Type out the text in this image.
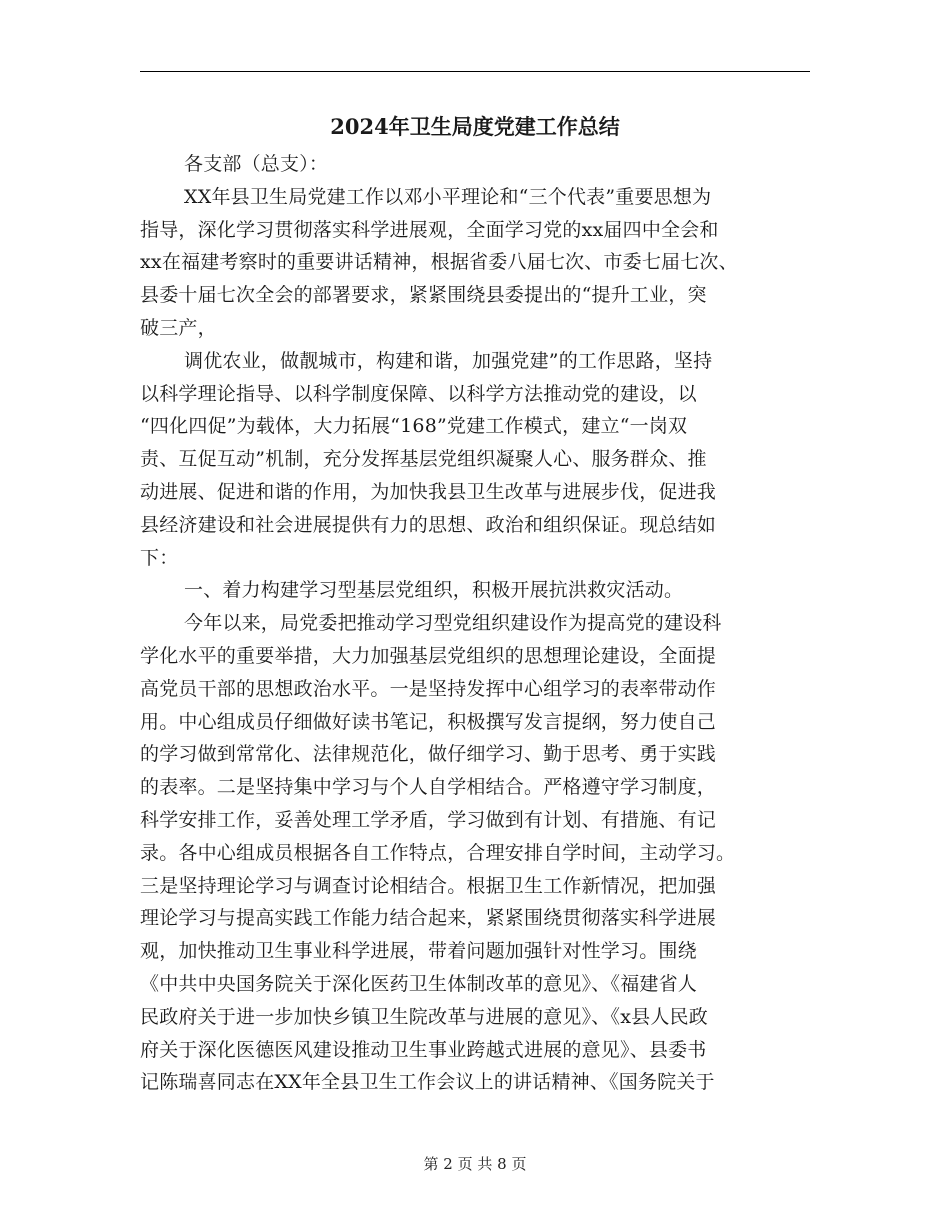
2024年卫生局度党建工作总结
各支部（总支）：
XX年县卫生局党建工作以邓小平理论和“三个代表”重要思想为
指导，深化学习贯彻落实科学进展观，全面学习党的xx届四中全会和
xx在福建考察时的重要讲话精神，根据省委八届七次、市委七届七次、
县委十届七次全会的部署要求，紧紧围绕县委提出的“提升工业，突
破三产，
调优农业，做靓城市，构建和谐，加强党建”的工作思路，坚持
以科学理论指导、以科学制度保障、以科学方法推动党的建设，以
“四化四促”为载体，大力拓展“168”党建工作模式，建立“一岗双
责、互促互动”机制，充分发挥基层党组织凝聚人心、服务群众、推
动进展、促进和谐的作用，为加快我县卫生改革与进展步伐，促进我
县经济建设和社会进展提供有力的思想、政治和组织保证。现总结如
下：
一、着力构建学习型基层党组织，积极开展抗洪救灾活动。
今年以来，局党委把推动学习型党组织建设作为提高党的建设科
学化水平的重要举措，大力加强基层党组织的思想理论建设，全面提
高党员干部的思想政治水平。一是坚持发挥中心组学习的表率带动作
用。中心组成员仔细做好读书笔记，积极撰写发言提纲，努力使自己
的学习做到常常化、法律规范化，做仔细学习、勤于思考、勇于实践
的表率。二是坚持集中学习与个人自学相结合。严格遵守学习制度，
科学安排工作，妥善处理工学矛盾，学习做到有计划、有措施、有记
录。各中心组成员根据各自工作特点，合理安排自学时间，主动学习。
三是坚持理论学习与调查讨论相结合。根据卫生工作新情况，把加强
理论学习与提高实践工作能力结合起来，紧紧围绕贯彻落实科学进展
观，加快推动卫生事业科学进展，带着问题加强针对性学习。围绕
《中共中央国务院关于深化医药卫生体制改革的意见》、《福建省人
民政府关于进一步加快乡镇卫生院改革与进展的意见》、《x县人民政
府关于深化医德医风建设推动卫生事业跨越式进展的意见》、县委书
记陈瑞喜同志在XX年全县卫生工作会议上的讲话精神、《国务院关于
第 2 页 共 8 页
